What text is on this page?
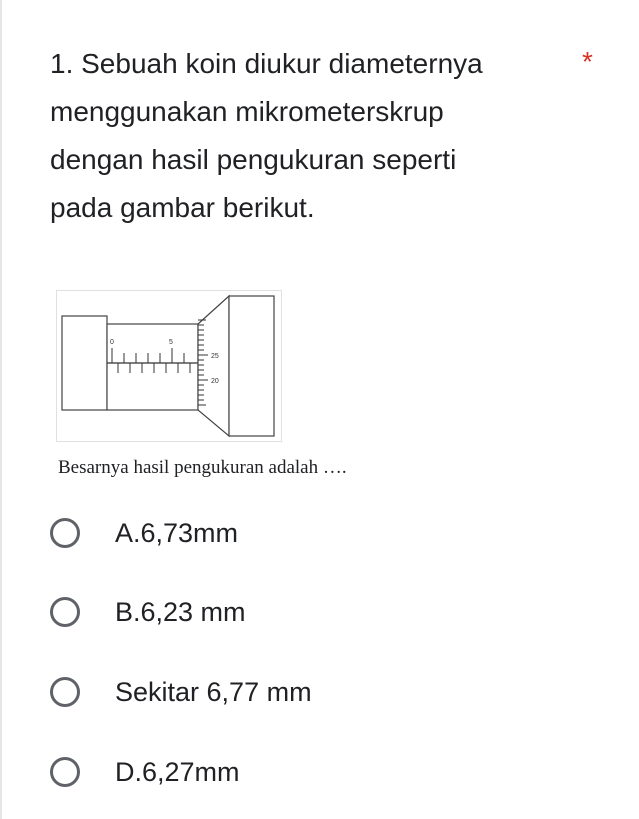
1. Sebuah koin diukur diameternya
menggunakan mikrometerskrup
dengan hasil pengukuran seperti
pada gambar berikut.
*
0	5
25
20
Besarnya hasil pengukuran adalah ….
A.6,73mm
B.6,23 mm
Sekitar 6,77 mm
D.6,27mm
